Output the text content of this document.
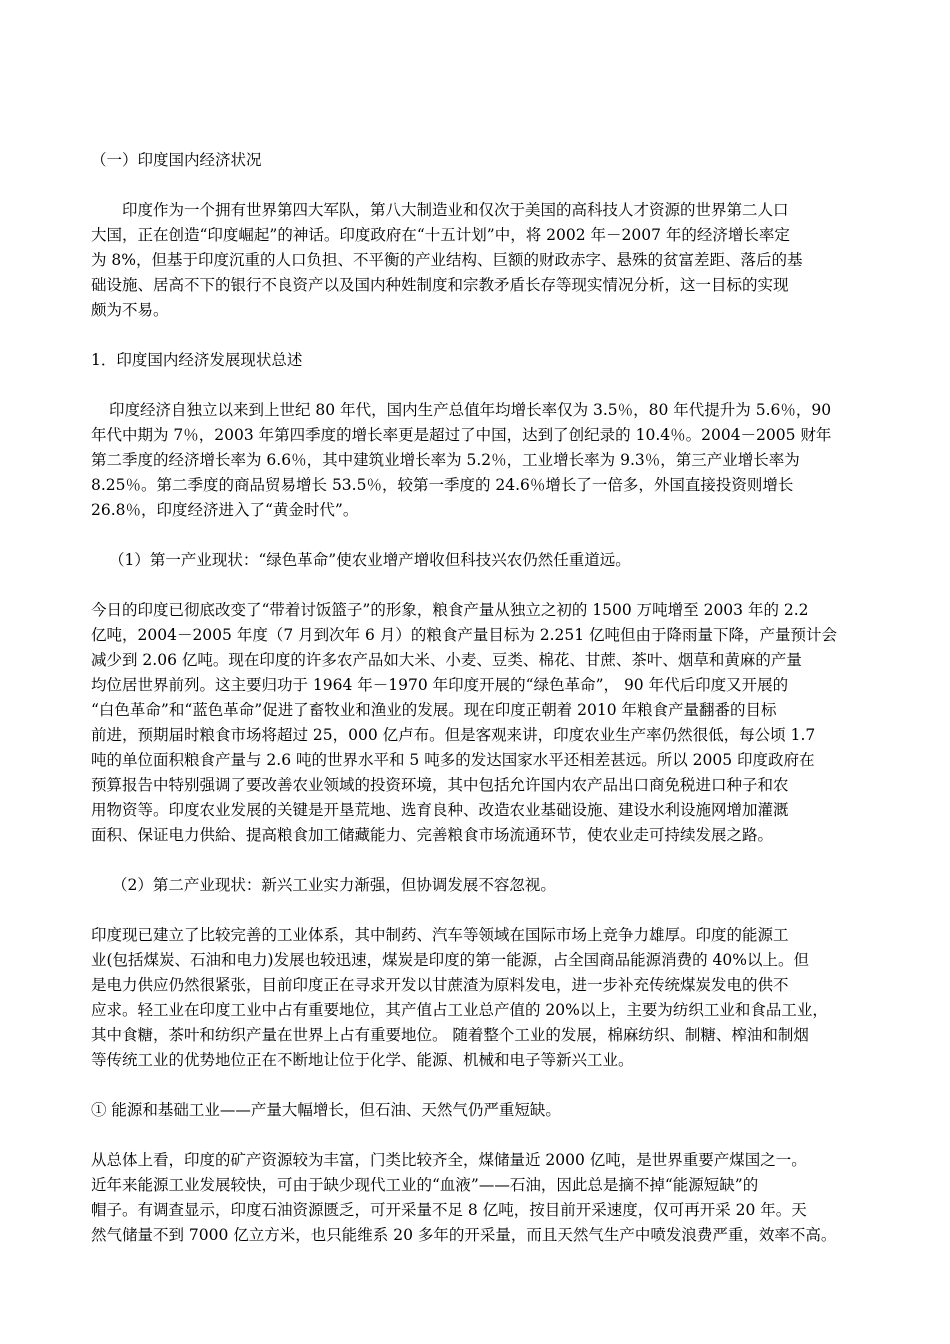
（一）印度国内经济状况
印度作为一个拥有世界第四大军队，第八大制造业和仅次于美国的高科技人才资源的世界第二人口
大国，正在创造“印度崛起”的神话。印度政府在“十五计划”中，将 2002 年－2007 年的经济增长率定
为 8%，但基于印度沉重的人口负担、不平衡的产业结构、巨额的财政赤字、悬殊的贫富差距、落后的基
础设施、居高不下的银行不良资产以及国内种姓制度和宗教矛盾长存等现实情况分析，这一目标的实现
颇为不易。
1．印度国内经济发展现状总述
印度经济自独立以来到上世纪 80 年代，国内生产总值年均增长率仅为 3.5％，80 年代提升为 5.6％，90
年代中期为 7％，2003 年第四季度的增长率更是超过了中国，达到了创纪录的 10.4％。2004－2005 财年
第二季度的经济增长率为 6.6％，其中建筑业增长率为 5.2％，工业增长率为 9.3％，第三产业增长率为
8.25％。第二季度的商品贸易增长 53.5％，较第一季度的 24.6％增长了一倍多，外国直接投资则增长
26.8％，印度经济进入了“黄金时代”。
（1）第一产业现状：“绿色革命”使农业增产增收但科技兴农仍然任重道远。
今日的印度已彻底改变了“带着讨饭篮子”的形象，粮食产量从独立之初的 1500 万吨增至 2003 年的 2.2
亿吨，2004－2005 年度（7 月到次年 6 月）的粮食产量目标为 2.251 亿吨但由于降雨量下降，产量预计会
减少到 2.06 亿吨。现在印度的许多农产品如大米、小麦、豆类、棉花、甘蔗、茶叶、烟草和黄麻的产量
均位居世界前列。这主要归功于 1964 年－1970 年印度开展的“绿色革命”， 90 年代后印度又开展的
“白色革命”和“蓝色革命”促进了畜牧业和渔业的发展。现在印度正朝着 2010 年粮食产量翻番的目标
前进，预期届时粮食市场将超过 25，000 亿卢布。但是客观来讲，印度农业生产率仍然很低，每公顷 1.7
吨的单位面积粮食产量与 2.6 吨的世界水平和 5 吨多的发达国家水平还相差甚远。所以 2005 印度政府在
预算报告中特别强调了要改善农业领域的投资环境，其中包括允许国内农产品出口商免税进口种子和农
用物资等。印度农业发展的关键是开垦荒地、选育良种、改造农业基础设施、建设水利设施网增加灌溉
面积、保证电力供給、提高粮食加工储藏能力、完善粮食市场流通环节，使农业走可持续发展之路。
（2）第二产业现状：新兴工业实力渐强，但协调发展不容忽视。
印度现已建立了比较完善的工业体系，其中制药、汽车等领域在国际市场上竞争力雄厚。印度的能源工
业(包括煤炭、石油和电力)发展也较迅速，煤炭是印度的第一能源，占全国商品能源消费的 40%以上。但
是电力供应仍然很紧张，目前印度正在寻求开发以甘蔗渣为原料发电，进一步补充传统煤炭发电的供不
应求。轻工业在印度工业中占有重要地位，其产值占工业总产值的 20%以上，主要为纺织工业和食品工业，
其中食糖，茶叶和纺织产量在世界上占有重要地位。 随着整个工业的发展，棉麻纺织、制糖、榨油和制烟
等传统工业的优势地位正在不断地让位于化学、能源、机械和电子等新兴工业。
① 能源和基础工业——产量大幅增长，但石油、天然气仍严重短缺。
从总体上看，印度的矿产资源较为丰富，门类比较齐全，煤储量近 2000 亿吨，是世界重要产煤国之一。
近年来能源工业发展较快，可由于缺少现代工业的“血液”——石油，因此总是摘不掉“能源短缺”的
帽子。有调查显示，印度石油资源匮乏，可开采量不足 8 亿吨，按目前开采速度，仅可再开采 20 年。天
然气储量不到 7000 亿立方米，也只能维系 20 多年的开采量，而且天然气生产中喷发浪费严重，效率不高。
